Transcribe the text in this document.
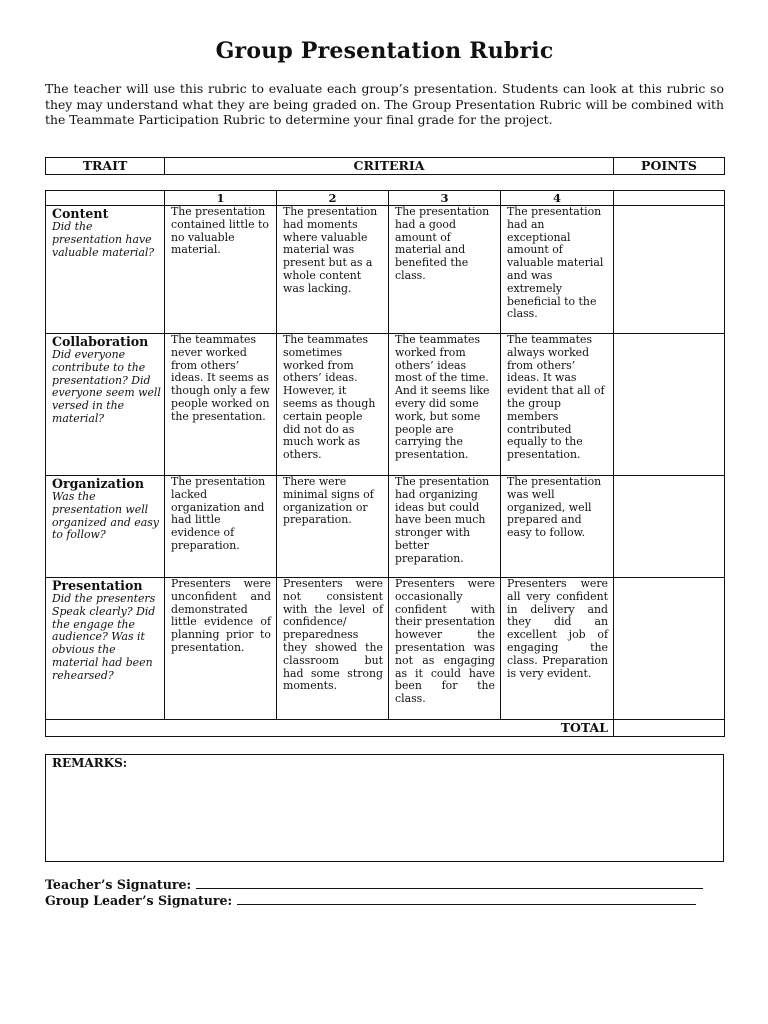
Group Presentation Rubric

The teacher will use this rubric to evaluate each group’s presentation. Students can look at this rubric so they may understand what they are being graded on. The Group Presentation Rubric will be combined with the Teammate Participation Rubric to determine your final grade for the project.

TRAIT	CRITERIA	POINTS
	1	2	3	4	

Content
Did the presentation have valuable material?	The presentation contained little to no valuable material.	The presentation had moments where valuable material was present but as a whole content was lacking.	The presentation had a good amount of material and benefited the class.	The presentation had an exceptional amount of valuable material and was extremely beneficial to the class.	

Collaboration
Did everyone contribute to the presentation? Did everyone seem well versed in the material?	The teammates never worked from others’ ideas. It seems as though only a few people worked on the presentation.	The teammates sometimes worked from others’ ideas. However, it seems as though certain people did not do as much work as others.	The teammates worked from others’ ideas most of the time. And it seems like every did some work, but some people are carrying the presentation.	The teammates always worked from others’ ideas. It was evident that all of the group members contributed equally to the presentation.	

Organization
Was the presentation well organized and easy to follow?	The presentation lacked organization and had little evidence of preparation.	There were minimal signs of organization or preparation.	The presentation had organizing ideas but could have been much stronger with better preparation.	The presentation was well organized, well prepared and easy to follow.	

Presentation
Did the presenters Speak clearly? Did the engage the audience? Was it obvious the material had been rehearsed?	Presenters were unconfident and demonstrated little evidence of planning prior to presentation.	Presenters were not consistent with the level of confidence/ preparedness they showed the classroom but had some strong moments.	Presenters were occasionally confident with their presentation however the presentation was not as engaging as it could have been for the class.	Presenters were all very confident in delivery and they did an excellent job of engaging the class. Preparation is very evident.	
TOTAL					
REMARKS:
Teacher’s Signature:
Group Leader’s Signature:
